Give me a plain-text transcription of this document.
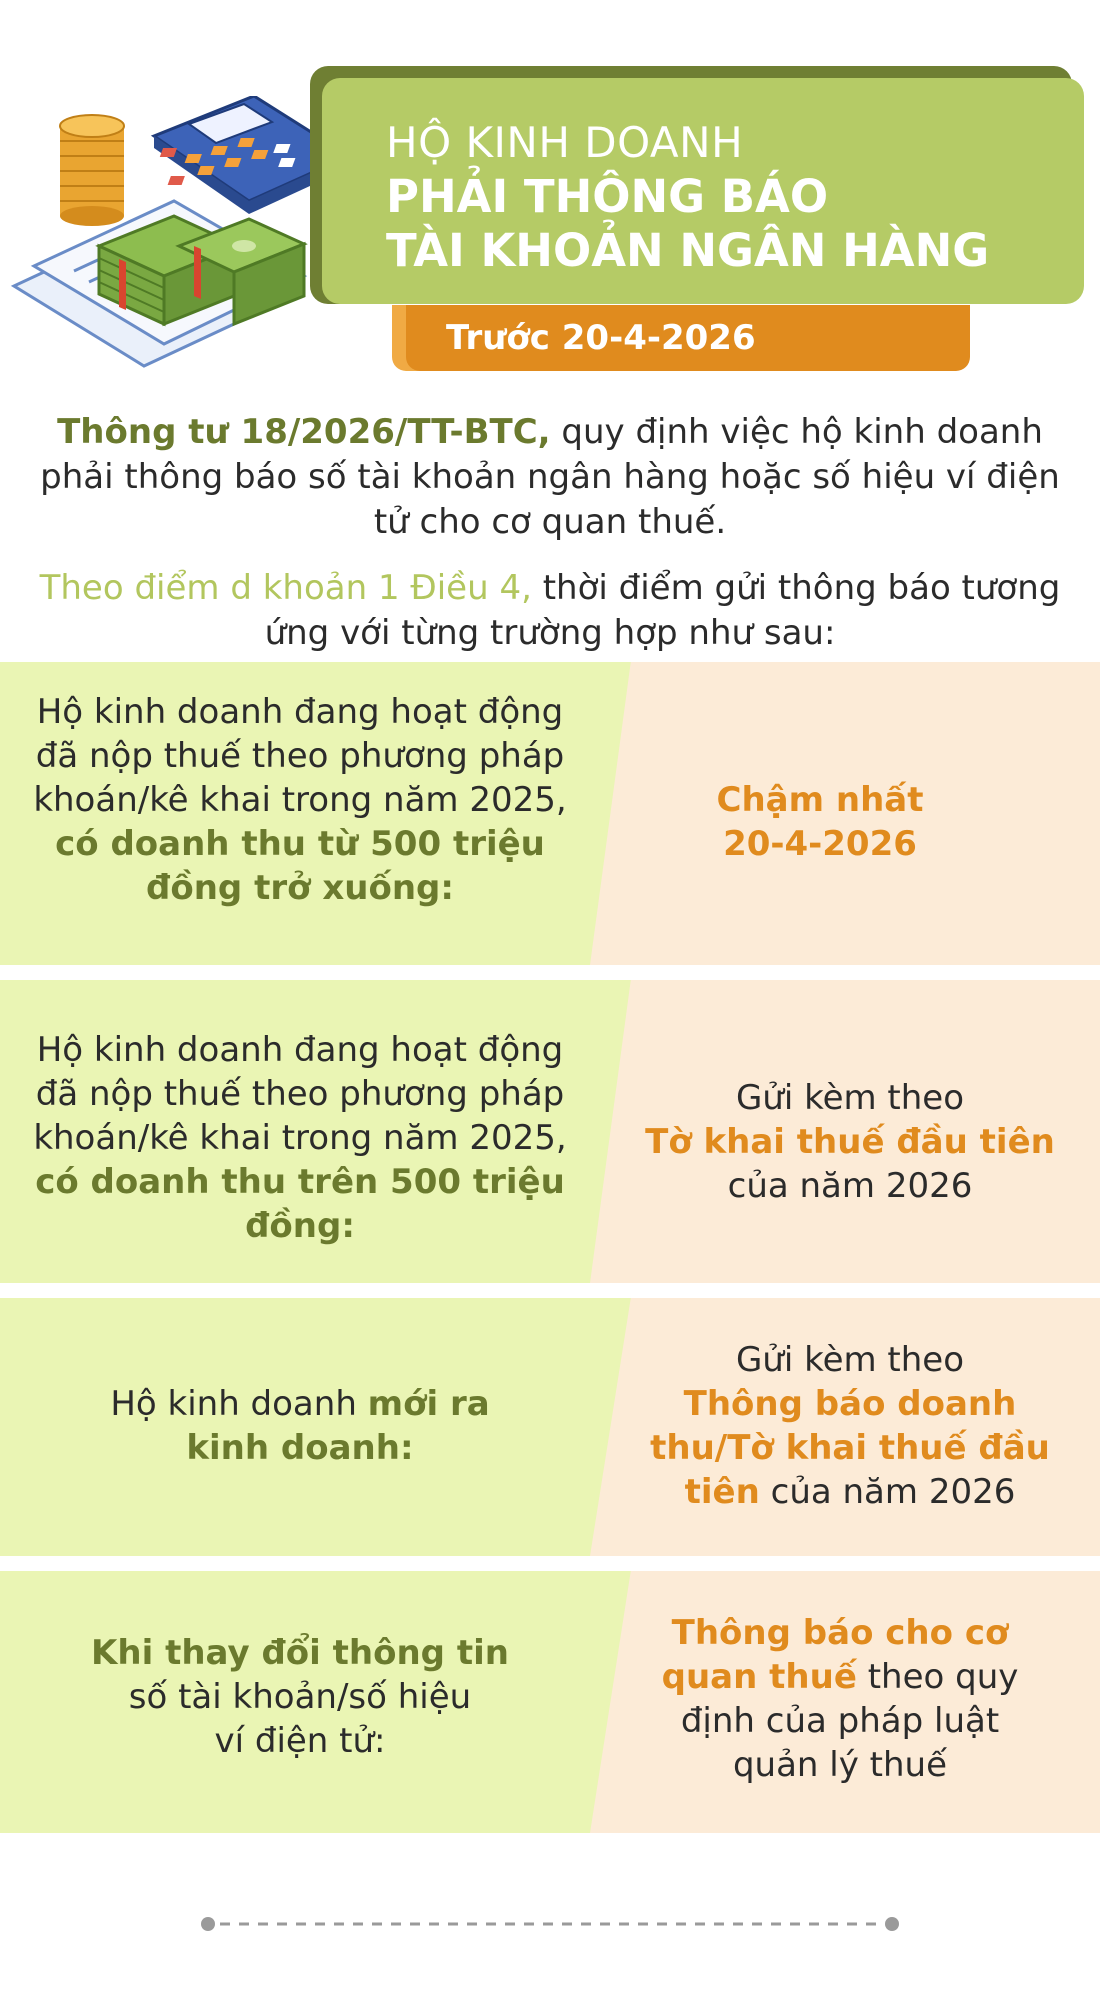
HỘ KINH DOANH
PHẢI THÔNG BÁO
TÀI KHOẢN NGÂN HÀNG
Trước 20-4-2026

Thông tư 18/2026/TT-BTC, quy định việc hộ kinh doanh phải thông báo số tài khoản ngân hàng hoặc số hiệu ví điện tử cho cơ quan thuế.

Theo điểm d khoản 1 Điều 4, thời điểm gửi thông báo tương ứng với từng trường hợp như sau:

Hộ kinh doanh đang hoạt động đã nộp thuế theo phương pháp khoán/kê khai trong năm 2025, có doanh thu từ 500 triệu đồng trở xuống:

Chậm nhất 20-4-2026

Hộ kinh doanh đang hoạt động đã nộp thuế theo phương pháp khoán/kê khai trong năm 2025, có doanh thu trên 500 triệu đồng:

Gửi kèm theo
Tờ khai thuế đầu tiên
của năm 2026

Hộ kinh doanh mới ra kinh doanh:

Gửi kèm theo
Thông báo doanh thu/Tờ khai thuế đầu tiên của năm 2026
Khi thay đổi thông tin
số tài khoản/số hiệu ví điện tử:

Thông báo cho cơ quan thuế theo quy định của pháp luật quản lý thuế
